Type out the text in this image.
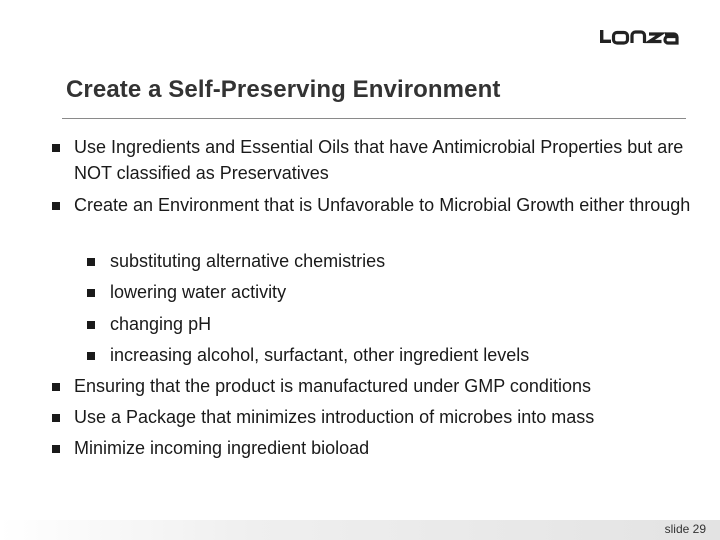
Create a Self-Preserving Environment
Use Ingredients and Essential Oils that have Antimicrobial Properties but are NOT classified as Preservatives
Create an Environment that is Unfavorable to Microbial Growth either through
substituting alternative chemistries
lowering water activity
changing pH
increasing alcohol, surfactant, other ingredient levels
Ensuring that the product is manufactured under GMP conditions
Use a Package that minimizes introduction of microbes into mass
Minimize incoming ingredient bioload
slide 29
